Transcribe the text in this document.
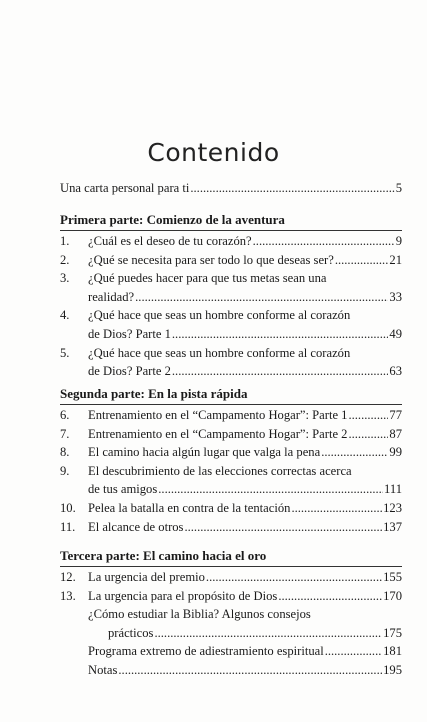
Contenido
Una carta personal para ti .....	5
Primera parte: Comienzo de la aventura
1.	¿Cuál es el deseo de tu corazón? .....	9
2.	¿Qué se necesita para ser todo lo que deseas ser? .....	21
3.	¿Qué puedes hacer para que tus metas sean una
realidad? .....	33
4.	¿Qué hace que seas un hombre conforme al corazón
de Dios? Parte 1 .....	49
5.	¿Qué hace que seas un hombre conforme al corazón
de Dios? Parte 2 .....	63
Segunda parte: En la pista rápida
6.	Entrenamiento en el “Campamento Hogar”: Parte 1 .....	77
7.	Entrenamiento en el “Campamento Hogar”: Parte 2 .....	87
8.	El camino hacia algún lugar que valga la pena .....	99
9.	El descubrimiento de las elecciones correctas acerca
de tus amigos .....	111
10. Pelea la batalla en contra de la tentación .....	123
11.	El alcance de otros .....	137
Tercera parte: El camino hacia el oro
12. La urgencia del premio .....	155
13. La urgencia para el propósito de Dios .....	170
¿Cómo estudiar la Biblia? Algunos consejos
prácticos .....	175
Programa extremo de adiestramiento espiritual .....	181
Notas .....	195
